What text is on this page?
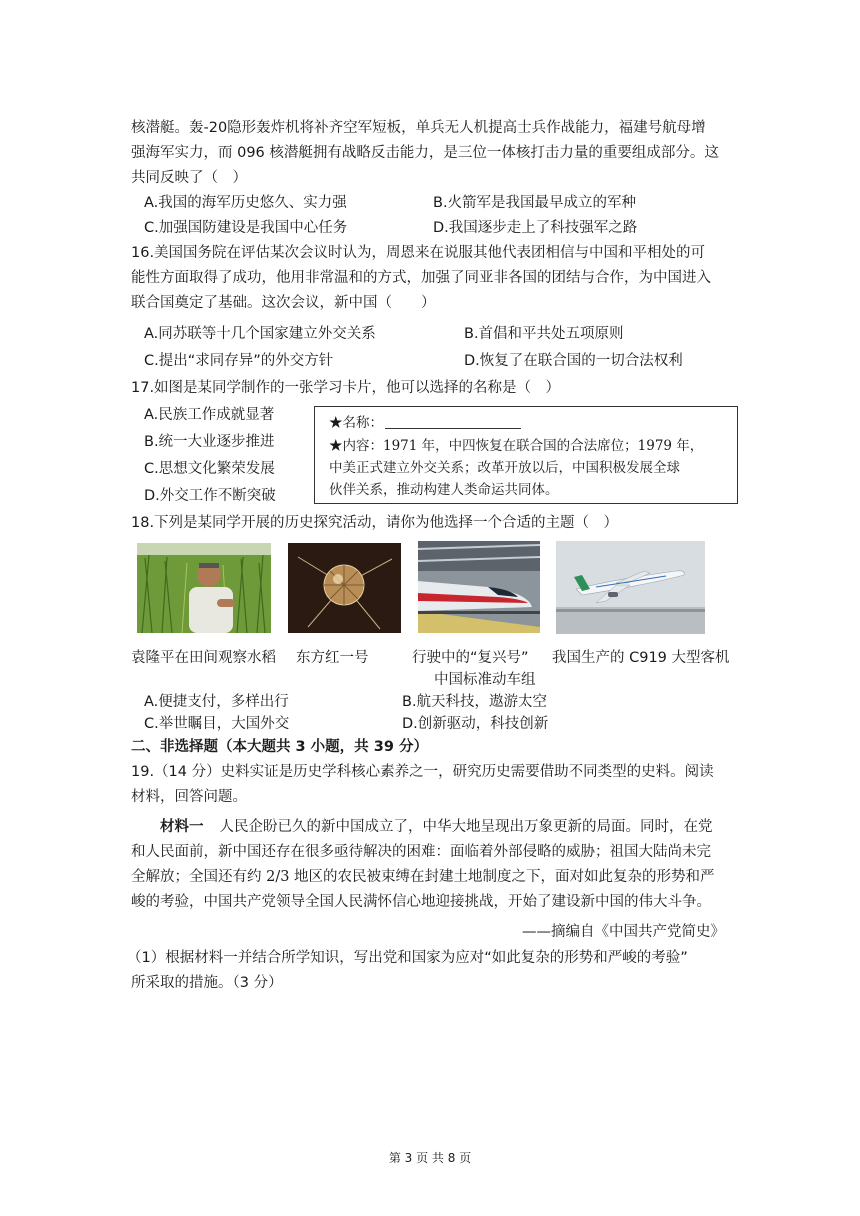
核潜艇。轰-20隐形轰炸机将补齐空军短板，单兵无人机提高士兵作战能力，福建号航母增
强海军实力，而 096 核潜艇拥有战略反击能力，是三位一体核打击力量的重要组成部分。这
共同反映了（　）
A.我国的海军历史悠久、实力强	B.火箭军是我国最早成立的军种
C.加强国防建设是我国中心任务	D.我国逐步走上了科技强军之路
16.美国国务院在评估某次会议时认为，周恩来在说服其他代表团相信与中国和平相处的可
能性方面取得了成功，他用非常温和的方式，加强了同亚非各国的团结与合作，为中国进入
联合国奠定了基础。这次会议，新中国（　　）
A.同苏联等十几个国家建立外交关系	B.首倡和平共处五项原则
C.提出“求同存异”的外交方针	D.恢复了在联合国的一切合法权利
17.如图是某同学制作的一张学习卡片，他可以选择的名称是（　）
A.民族工作成就显著
B.统一大业逐步推进
C.思想文化繁荣发展
D.外交工作不断突破
★名称：
★内容：1971 年，中四恢复在联合国的合法席位；1979 年，
中美正式建立外交关系；改革开放以后，中国积极发展全球
伙伴关系，推动构建人类命运共同体。
18.下列是某同学开展的历史探究活动，请你为他选择一个合适的主题（　）
袁隆平在田间观察水稻 东方红一号	行驶中的“复兴号”
中国标准动车组
我国生产的 C919 大型客机
A.便捷支付，多样出行	B.航天科技，遨游太空
C.举世瞩目，大国外交	D.创新驱动，科技创新
二、非选择题（本大题共 3 小题，共 39 分）
19.（14 分）史料实证是历史学科核心素养之一，研究历史需要借助不同类型的史料。阅读
材料，回答问题。
材料一 人民企盼已久的新中国成立了，中华大地呈现出万象更新的局面。同时，在党
和人民面前，新中国还存在很多亟待解决的困难：面临着外部侵略的威胁；祖国大陆尚未完
全解放；全国还有约 2/3 地区的农民被束缚在封建土地制度之下，面对如此复杂的形势和严
峻的考验，中国共产党领导全国人民满怀信心地迎接挑战，开始了建设新中国的伟大斗争。
——摘编自《中国共产党简史》
（1）根据材料一并结合所学知识，写出党和国家为应对“如此复杂的形势和严峻的考验”
所采取的措施。（3 分）
第 3 页 共 8 页
